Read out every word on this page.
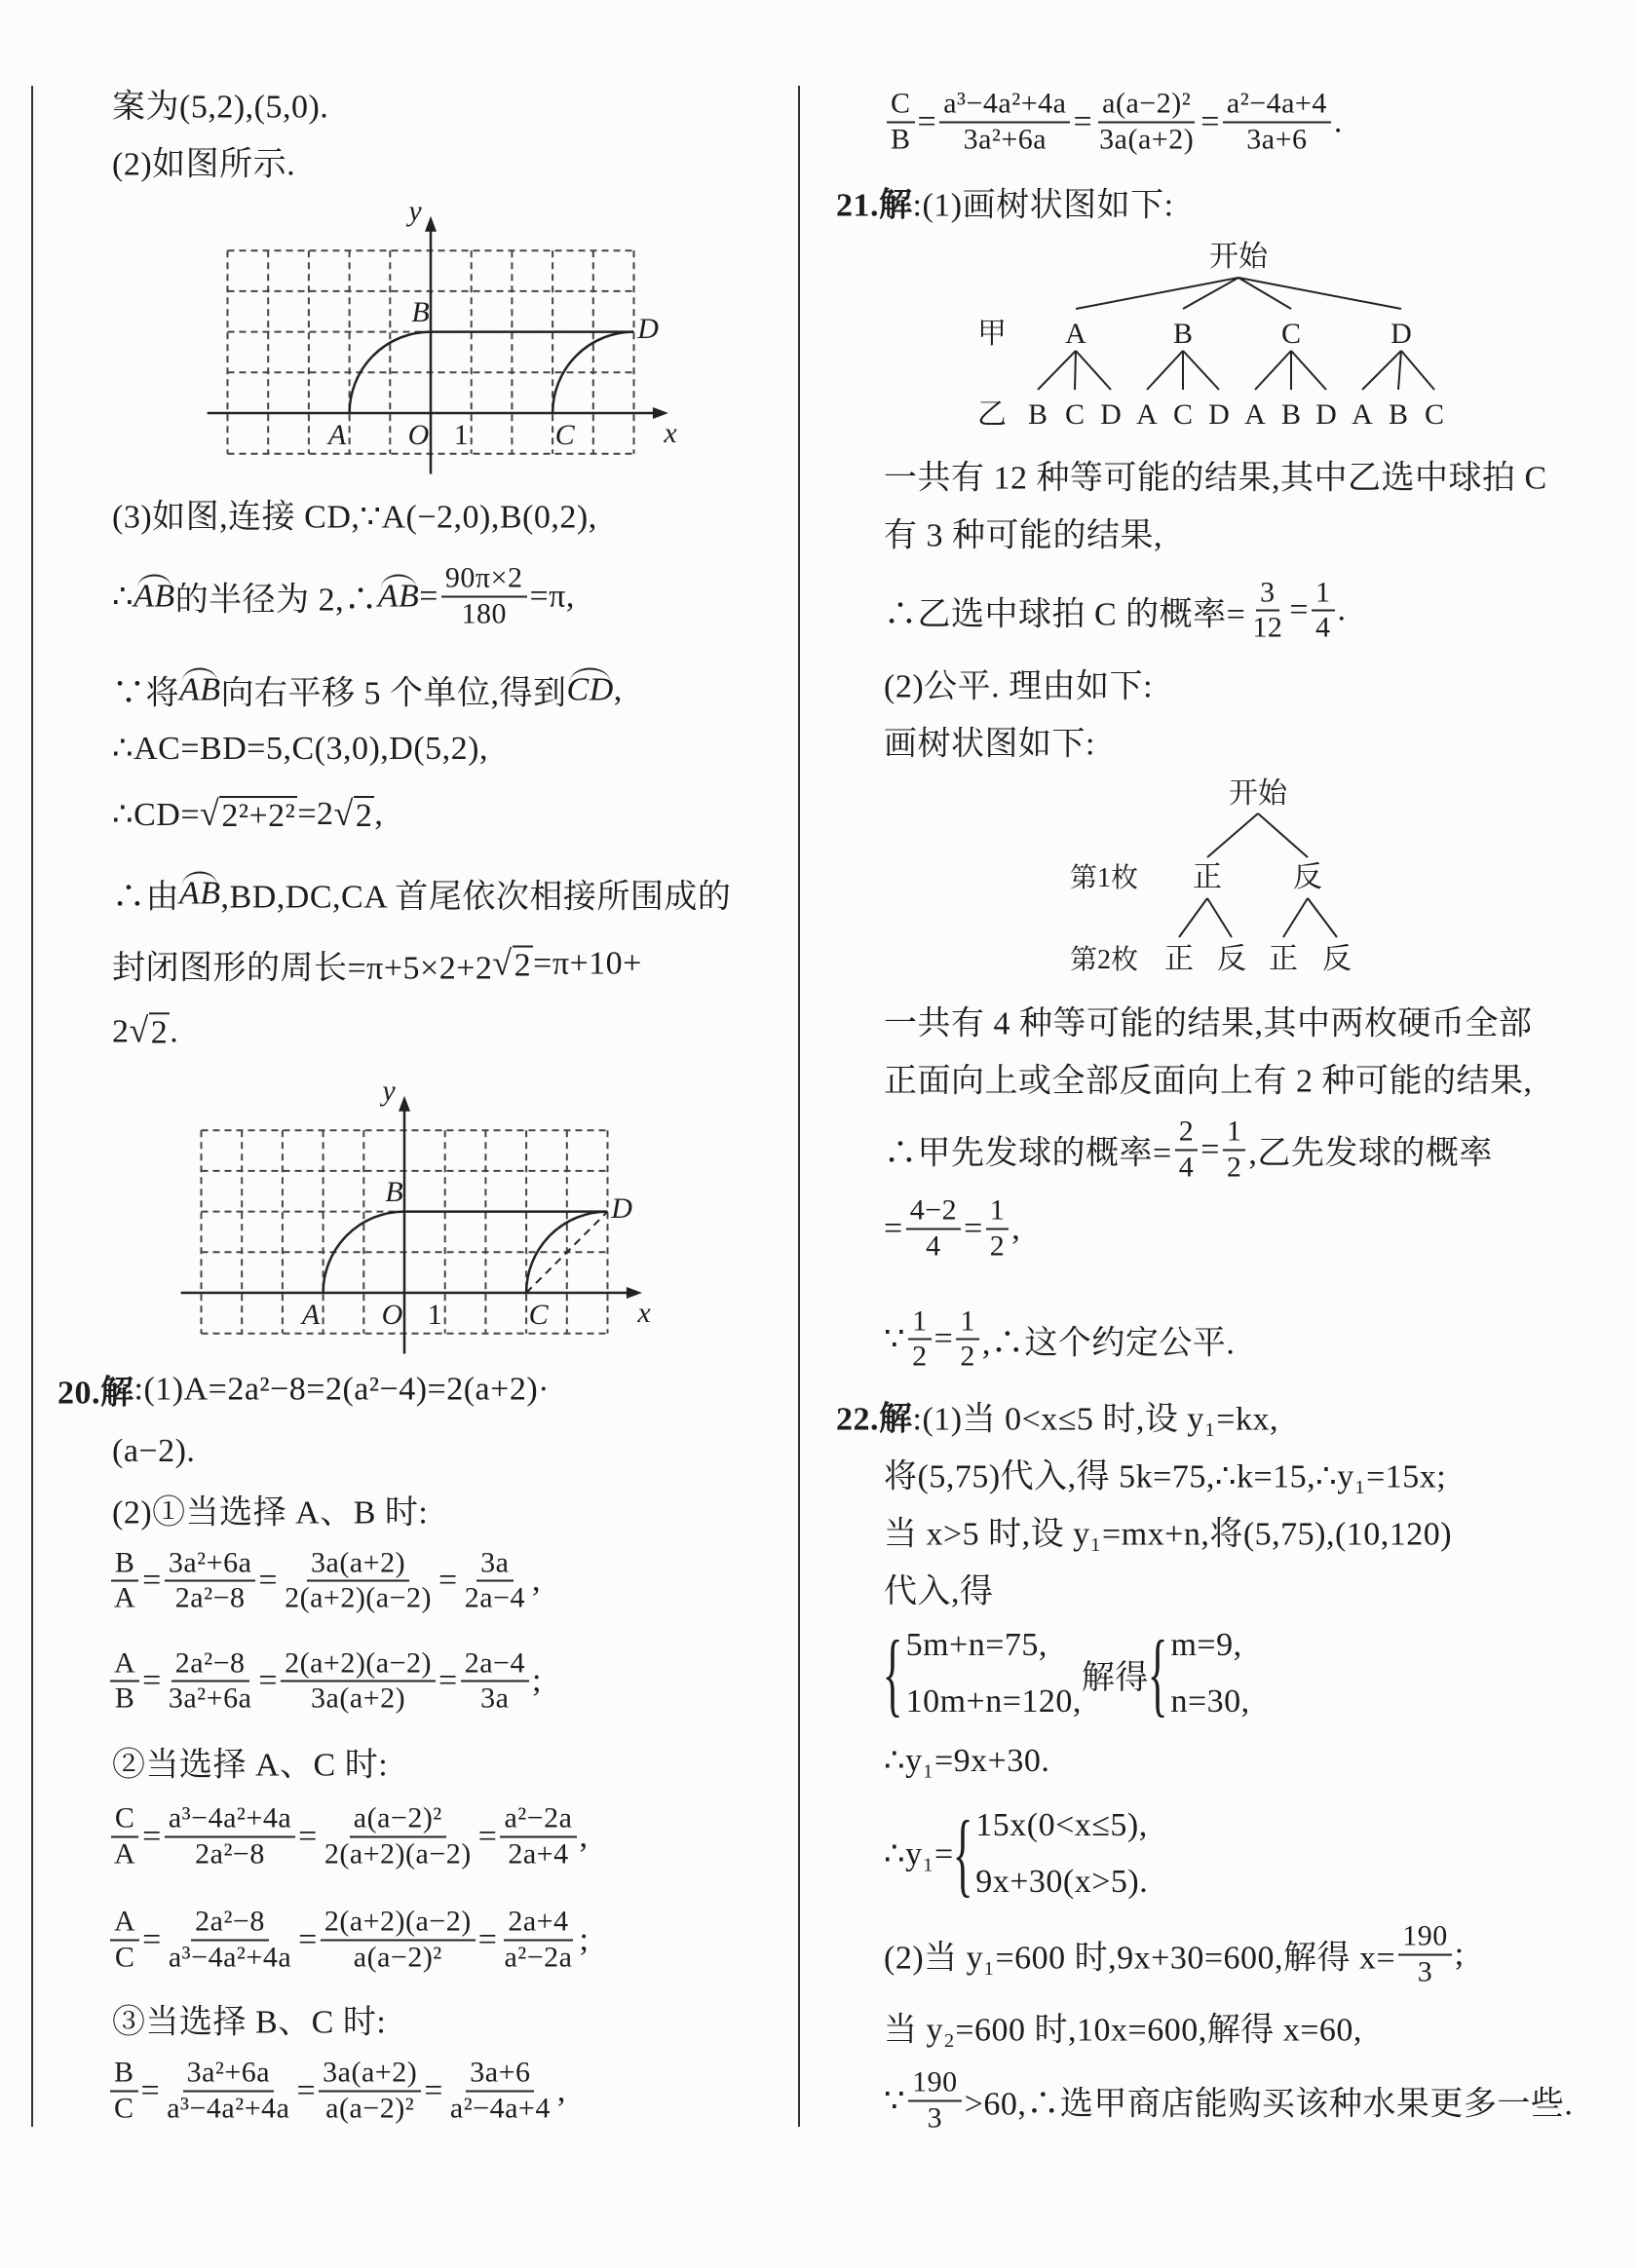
案为(5,2),(5,0).
(2)如图所示.
(3)如图,连接 CD,∵A(−2,0),B(0,2),
∴ AB 的半径为 2,∴ AB = $\frac{90\pi\times 2}{180} =\pi$,
∵将 AB 向右平移 5 个单位,得到 CD ,
∴AC=BD=5,C(3,0),D(5,2),
∴CD= √ 2²+2² =2 √ 2 ,
∴由 AB ,BD,DC,CA 首尾依次相接所围成的
封闭图形的周长=π+5×2+2 √ 2 =π+10+
2 √ 2 .
20.解 :(1)A=2a²−8=2(a²−4)=2(a+2)·
(a−2).
(2)①当选择 A、B 时:
$\frac{B}{A} = \frac{\text{3a²+6a}}{\text{2a²−8}} = \frac{3a(a+2)}{2(a+2)(a-2)} = \frac{3a}{2a-4}$ ,
$\frac{A}{B} = \frac{\text{2a²−8}}{\text{3a²+6a}} = \frac{2(a+2)(a-2)}{3a(a+2)} = \frac{2a-4}{3a}$ ;
②当选择 A、C 时:
$\frac{C}{A} = \frac{\text{a³−4a²+4a}}{\text{2a²−8}} = \frac{\text{a(a−2)²}}{2(a+2)(a-2)} = \frac{\text{a²−2a}}{2a+4}$ ,
$\frac{A}{C} = \frac{\text{2a²−8}}{\text{a³−4a²+4a}} = \frac{2(a+2)(a-2)}{\text{a(a−2)²}} = \frac{2a+4}{\text{a²−2a}}$ ;
③当选择 B、C 时:
$\frac{B}{C} = \frac{\text{3a²+6a}}{\text{a³−4a²+4a}} = \frac{3a(a+2)}{\text{a(a−2)²}} = \frac{3a+6}{\text{a²−4a+4}}$ ,
$\frac{C}{B} = \frac{\text{a³−4a²+4a}}{\text{3a²+6a}} = \frac{\text{a(a−2)²}}{3a(a+2)} = \frac{\text{a²−4a+4}}{3a+6}$ .
21.解 :(1)画树状图如下:
一共有 12 种等可能的结果,其中乙选中球拍 C
有 3 种可能的结果,
∴乙选中球拍 C 的概率= $\frac{3}{12} = \frac{1}{4}$ .
(2)公平. 理由如下:
画树状图如下:
一共有 4 种等可能的结果,其中两枚硬币全部
正面向上或全部反面向上有 2 种可能的结果,
∴甲先发球的概率= $\frac{2}{4} = \frac{1}{2}$ ,乙先发球的概率
= $\frac{4-2}{4} = \frac{1}{2}$ ,
∵ $\frac{1}{2} = \frac{1}{2}$ ,∴这个约定公平.
22.解 :(1)当 0<x≤5 时,设 y₁=kx,
将(5,75)代入,得 5k=75,∴k=15,∴y₁=15x;
当 x>5 时,设 y₁=mx+n,将(5,75),(10,120)
代入,得
{ 5m+n=75,
10m+n=120,
解得
{ m=9,
n=30,
∴y₁=9x+30.
∴y₁=
{ 15x(0<x≤5),
9x+30(x>5).
(2)当 y₁=600 时,9x+30=600,解得 $x= \frac{190}{3}$ ;
当 y₂=600 时,10x=600,解得 x=60,
∵ $\frac{190}{3}$ >60,∴选甲商店能购买该种水果更多一些.
y
x
B
D
A O 1	C
y
x
B
D
A O 1	C
开始
甲
乙
A
B C D
B
A C D
C
A B D
D
A B C
开始
第1枚
第2枚
正
正 反
反
正 反
